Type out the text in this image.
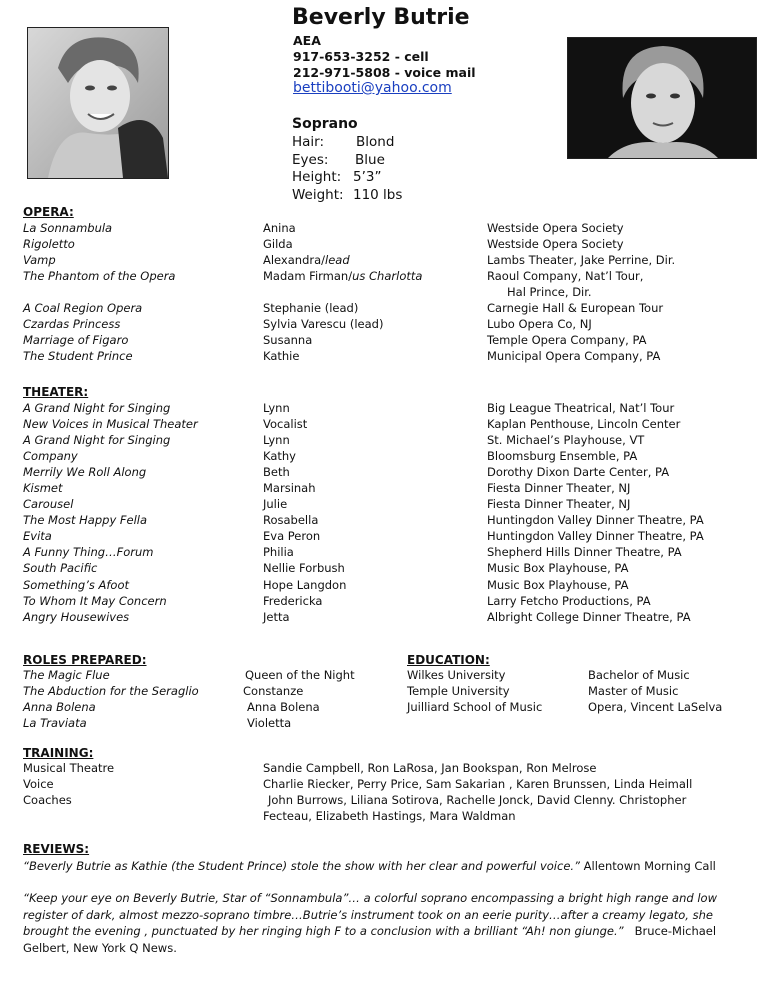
Beverly Butrie
AEA
917-653-3252 - cell
212-971-5808 - voice mail
bettibooti@yahoo.com
Soprano
Hair: Blond
Eyes: Blue
Height: 5’3”
Weight: 110 lbs
OPERA:
La Sonnambula	Anina	Westside Opera Society
Rigoletto	Gilda	Westside Opera Society
Vamp	Alexandra/lead	Lambs Theater, Jake Perrine, Dir.
The Phantom of the Opera	Madam Firman/us Charlotta	Raoul Company, Nat’l Tour,
Hal Prince, Dir.
A Coal Region Opera	Stephanie (lead)	Carnegie Hall & European Tour
Czardas Princess	Sylvia Varescu (lead)	Lubo Opera Co, NJ
Marriage of Figaro	Susanna	Temple Opera Company, PA
The Student Prince	Kathie	Municipal Opera Company, PA
THEATER:
A Grand Night for Singing	Lynn	Big League Theatrical, Nat’l Tour
New Voices in Musical Theater	Vocalist	Kaplan Penthouse, Lincoln Center
A Grand Night for Singing	Lynn	St. Michael’s Playhouse, VT
Company	Kathy	Bloomsburg Ensemble, PA
Merrily We Roll Along	Beth	Dorothy Dixon Darte Center, PA
Kismet	Marsinah	Fiesta Dinner Theater, NJ
Carousel	Julie	Fiesta Dinner Theater, NJ
The Most Happy Fella	Rosabella	Huntingdon Valley Dinner Theatre, PA
Evita	Eva Peron	Huntingdon Valley Dinner Theatre, PA
A Funny Thing…Forum	Philia	Shepherd Hills Dinner Theatre, PA
South Pacific	Nellie Forbush	Music Box Playhouse, PA
Something’s Afoot	Hope Langdon	Music Box Playhouse, PA
To Whom It May Concern	Fredericka	Larry Fetcho Productions, PA
Angry Housewives	Jetta	Albright College Dinner Theatre, PA
ROLES PREPARED:
The Magic Flue	Queen of the Night
The Abduction for the Seraglio	Constanze
Anna Bolena	Anna Bolena
La Traviata	Violetta
EDUCATION:
Wilkes University	Bachelor of Music
Temple University	Master of Music
Juilliard School of Music	Opera, Vincent LaSelva
TRAINING:
Musical Theatre	Sandie Campbell, Ron LaRosa, Jan Bookspan, Ron Melrose
Voice	Charlie Riecker, Perry Price, Sam Sakarian , Karen Brunssen, Linda Heimall
Coaches	John Burrows, Liliana Sotirova, Rachelle Jonck, David Clenny. Christopher
Fecteau, Elizabeth Hastings, Mara Waldman
REVIEWS:
“Beverly Butrie as Kathie (the Student Prince) stole the show with her clear and powerful voice.” Allentown Morning Call
“Keep your eye on Beverly Butrie, Star of “Sonnambula”… a colorful soprano encompassing a bright high range and low
register of dark, almost mezzo-soprano timbre…Butrie’s instrument took on an eerie purity…after a creamy legato, she
brought the evening , punctuated by her ringing high F to a conclusion with a brilliant “Ah! non giunge.” Bruce-Michael
Gelbert, New York Q News.
